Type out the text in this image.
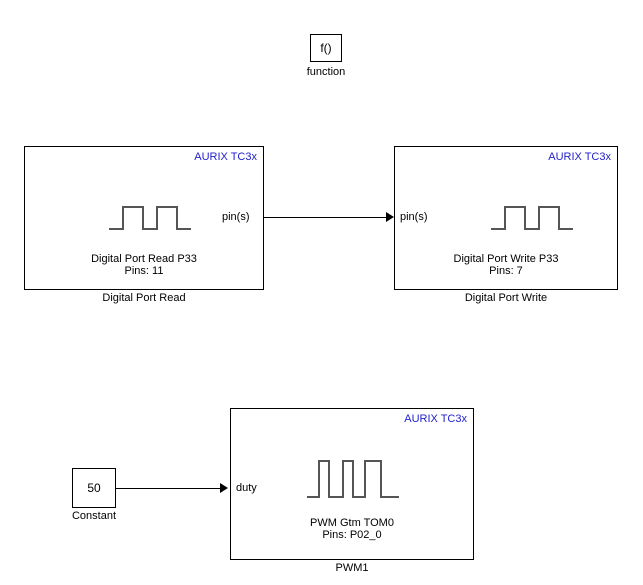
f()
function
AURIX TC3x
Digital Port Read P33
Pins: 11
pin(s)
Digital Port Read
AURIX TC3x
Digital Port Write P33
Pins: 7
pin(s)
Digital Port Write
50
Constant
AURIX TC3x
PWM Gtm TOM0
Pins: P02_0
duty
PWM1
